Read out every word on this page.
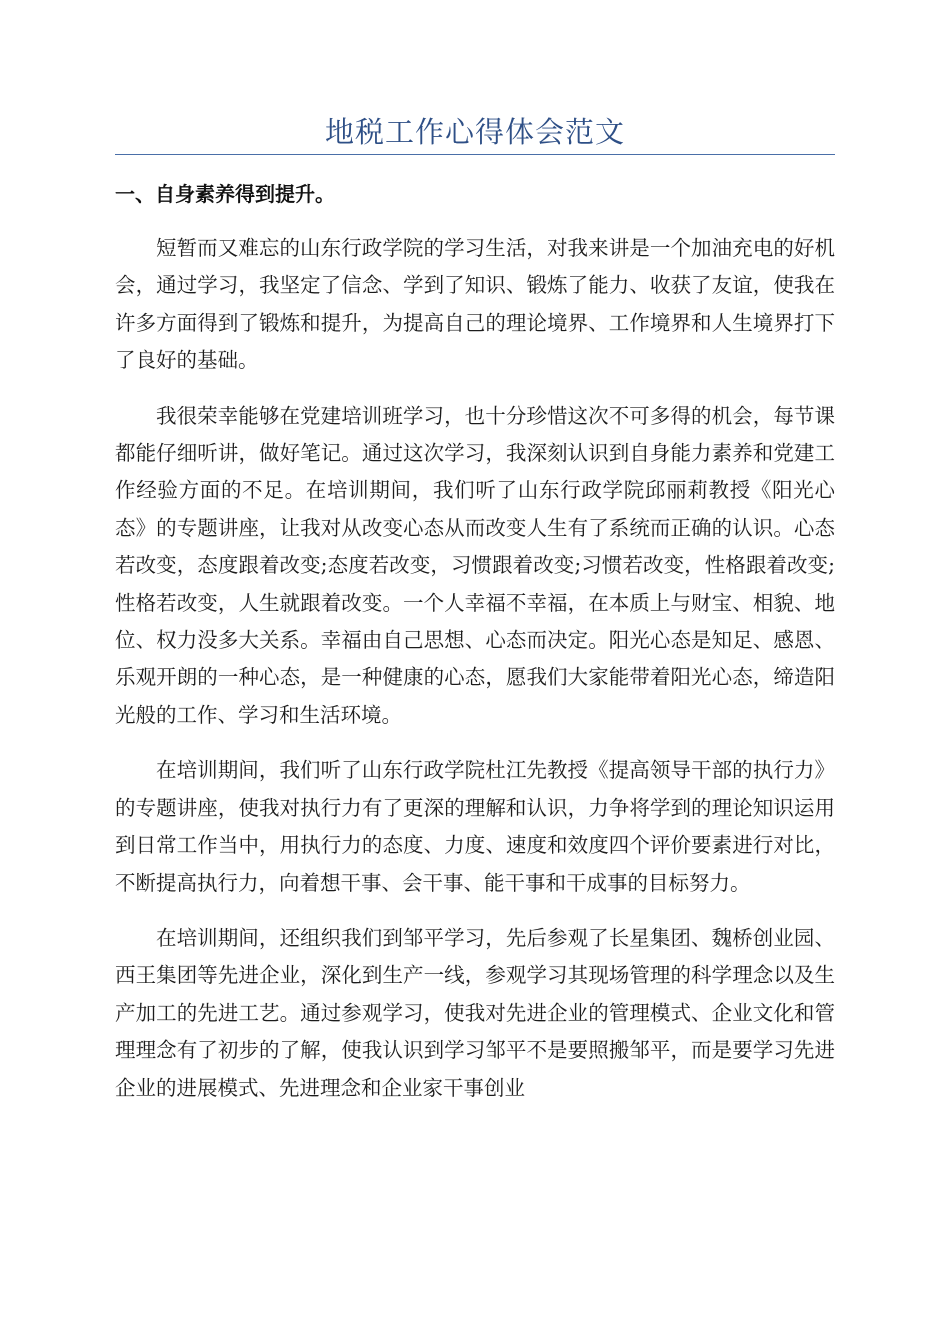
地税工作心得体会范文
一、自身素养得到提升。

短暂而又难忘的山东行政学院的学习生活，对我来讲是一个加油充电的好机会，通过学习，我坚定了信念、学到了知识、锻炼了能力、收获了友谊，使我在许多方面得到了锻炼和提升，为提高自己的理论境界、工作境界和人生境界打下了良好的基础。

我很荣幸能够在党建培训班学习，也十分珍惜这次不可多得的机会，每节课都能仔细听讲，做好笔记。通过这次学习，我深刻认识到自身能力素养和党建工作经验方面的不足。在培训期间，我们听了山东行政学院邱丽莉教授《阳光心态》的专题讲座，让我对从改变心态从而改变人生有了系统而正确的认识。心态若改变，态度跟着改变;态度若改变，习惯跟着改变;习惯若改变，性格跟着改变;性格若改变，人生就跟着改变。一个人幸福不幸福，在本质上与财宝、相貌、地位、权力没多大关系。幸福由自己思想、心态而决定。阳光心态是知足、感恩、乐观开朗的一种心态，是一种健康的心态，愿我们大家能带着阳光心态，缔造阳光般的工作、学习和生活环境。

在培训期间，我们听了山东行政学院杜江先教授《提高领导干部的执行力》的专题讲座，使我对执行力有了更深的理解和认识，力争将学到的理论知识运用到日常工作当中，用执行力的态度、力度、速度和效度四个评价要素进行对比，不断提高执行力，向着想干事、会干事、能干事和干成事的目标努力。

在培训期间，还组织我们到邹平学习，先后参观了长星集团、魏桥创业园、西王集团等先进企业，深化到生产一线，参观学习其现场管理的科学理念以及生产加工的先进工艺。通过参观学习，使我对先进企业的管理模式、企业文化和管理理念有了初步的了解，使我认识到学习邹平不是要照搬邹平，而是要学习先进企业的进展模式、先进理念和企业家干事创业
